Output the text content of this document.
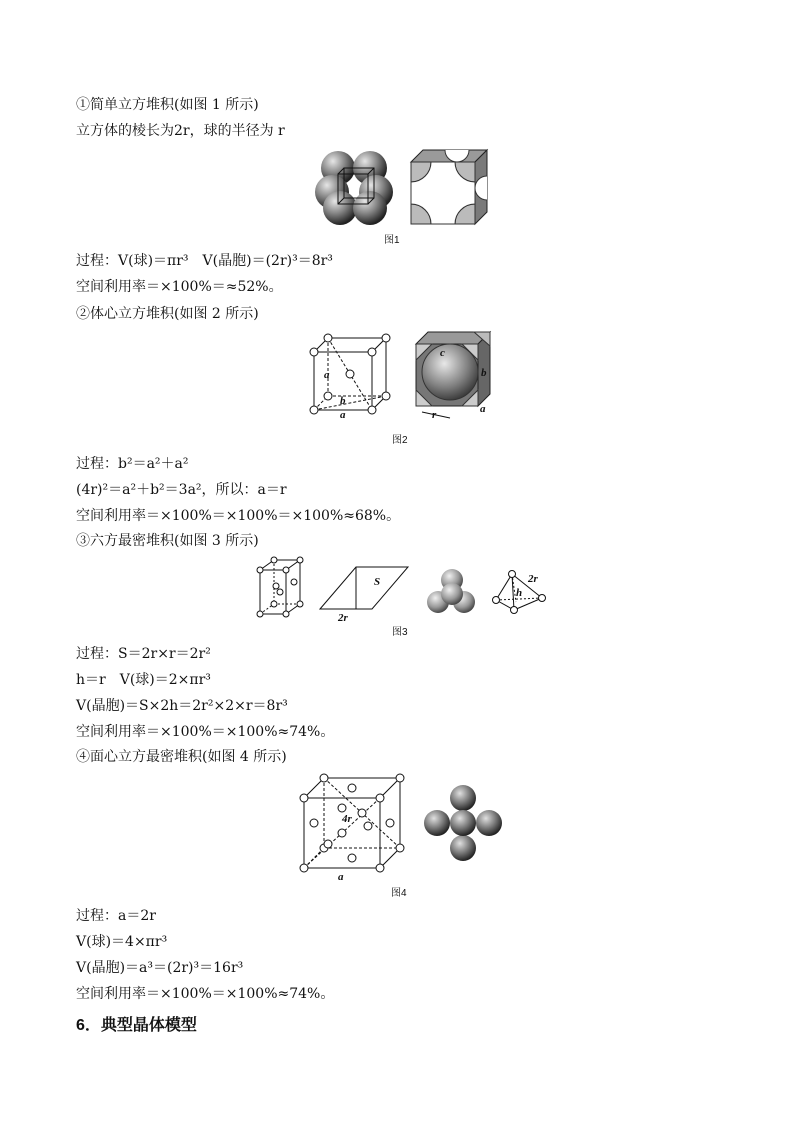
①简单立方堆积(如图 1 所示)
立方体的棱长为2r，球的半径为 r
图1
过程：V(球)＝πr³　V(晶胞)＝(2r)³＝8r³
空间利用率＝×100%＝≈52%。
②体心立方堆积(如图 2 所示)
a
b
a
c
b
a
r
图2
过程：b²＝a²＋a²
(4r)²＝a²＋b²＝3a²，所以：a＝r
空间利用率＝×100%＝×100%＝×100%≈68%。
③六方最密堆积(如图 3 所示)
S
2r
2r
h
图3
过程：S＝2r×r＝2r²
h＝r　V(球)＝2×πr³
V(晶胞)＝S×2h＝2r²×2×r＝8r³
空间利用率＝×100%＝×100%≈74%。
④面心立方最密堆积(如图 4 所示)
4r
a
图4
过程：a＝2r
V(球)＝4×πr³
V(晶胞)＝a³＝(2r)³＝16r³
空间利用率＝×100%＝×100%≈74%。
6．典型晶体模型
